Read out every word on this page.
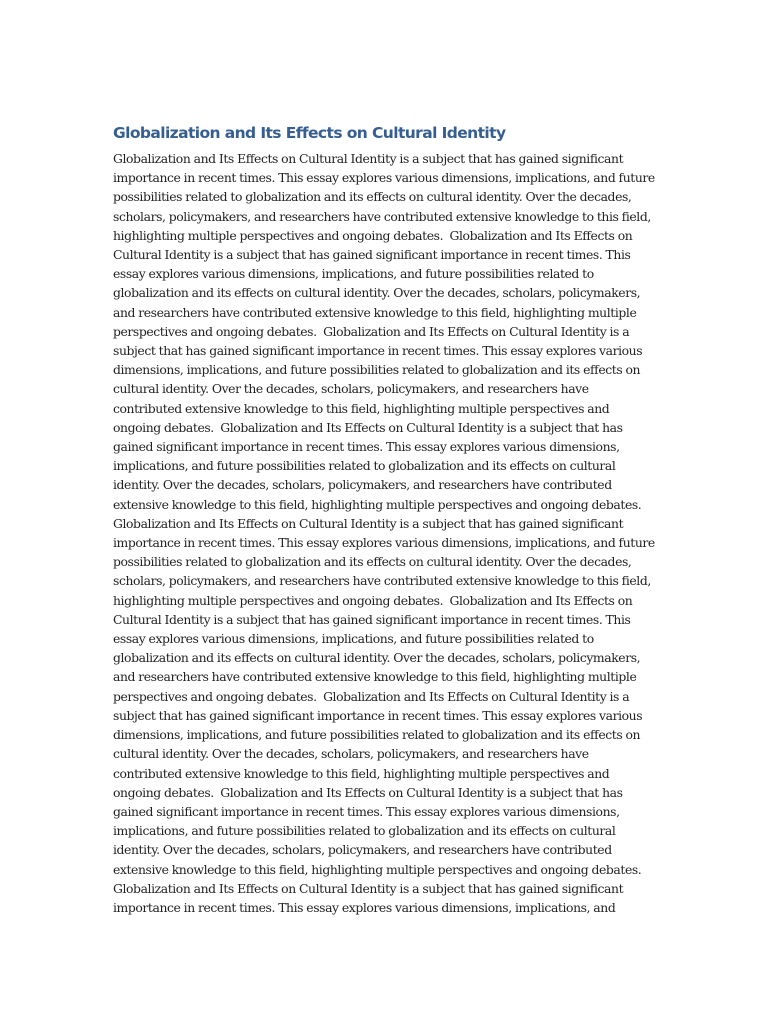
Globalization and Its Effects on Cultural Identity

Globalization and Its Effects on Cultural Identity is a subject that has gained significant importance in recent times. This essay explores various dimensions, implications, and future possibilities related to globalization and its effects on cultural identity. Over the decades, scholars, policymakers, and researchers have contributed extensive knowledge to this field, highlighting multiple perspectives and ongoing debates.  Globalization and Its Effects on Cultural Identity is a subject that has gained significant importance in recent times. This essay explores various dimensions, implications, and future possibilities related to globalization and its effects on cultural identity. Over the decades, scholars, policymakers, and researchers have contributed extensive knowledge to this field, highlighting multiple perspectives and ongoing debates.  Globalization and Its Effects on Cultural Identity is a subject that has gained significant importance in recent times. This essay explores various dimensions, implications, and future possibilities related to globalization and its effects on cultural identity. Over the decades, scholars, policymakers, and researchers have contributed extensive knowledge to this field, highlighting multiple perspectives and ongoing debates.  Globalization and Its Effects on Cultural Identity is a subject that has gained significant importance in recent times. This essay explores various dimensions, implications, and future possibilities related to globalization and its effects on cultural identity. Over the decades, scholars, policymakers, and researchers have contributed extensive knowledge to this field, highlighting multiple perspectives and ongoing debates. Globalization and Its Effects on Cultural Identity is a subject that has gained significant importance in recent times. This essay explores various dimensions, implications, and future possibilities related to globalization and its effects on cultural identity. Over the decades, scholars, policymakers, and researchers have contributed extensive knowledge to this field, highlighting multiple perspectives and ongoing debates.  Globalization and Its Effects on Cultural Identity is a subject that has gained significant importance in recent times. This essay explores various dimensions, implications, and future possibilities related to globalization and its effects on cultural identity. Over the decades, scholars, policymakers, and researchers have contributed extensive knowledge to this field, highlighting multiple perspectives and ongoing debates.  Globalization and Its Effects on Cultural Identity is a subject that has gained significant importance in recent times. This essay explores various dimensions, implications, and future possibilities related to globalization and its effects on cultural identity. Over the decades, scholars, policymakers, and researchers have contributed extensive knowledge to this field, highlighting multiple perspectives and ongoing debates.  Globalization and Its Effects on Cultural Identity is a subject that has gained significant importance in recent times. This essay explores various dimensions, implications, and future possibilities related to globalization and its effects on cultural identity. Over the decades, scholars, policymakers, and researchers have contributed extensive knowledge to this field, highlighting multiple perspectives and ongoing debates. Globalization and Its Effects on Cultural Identity is a subject that has gained significant importance in recent times. This essay explores various dimensions, implications, and
